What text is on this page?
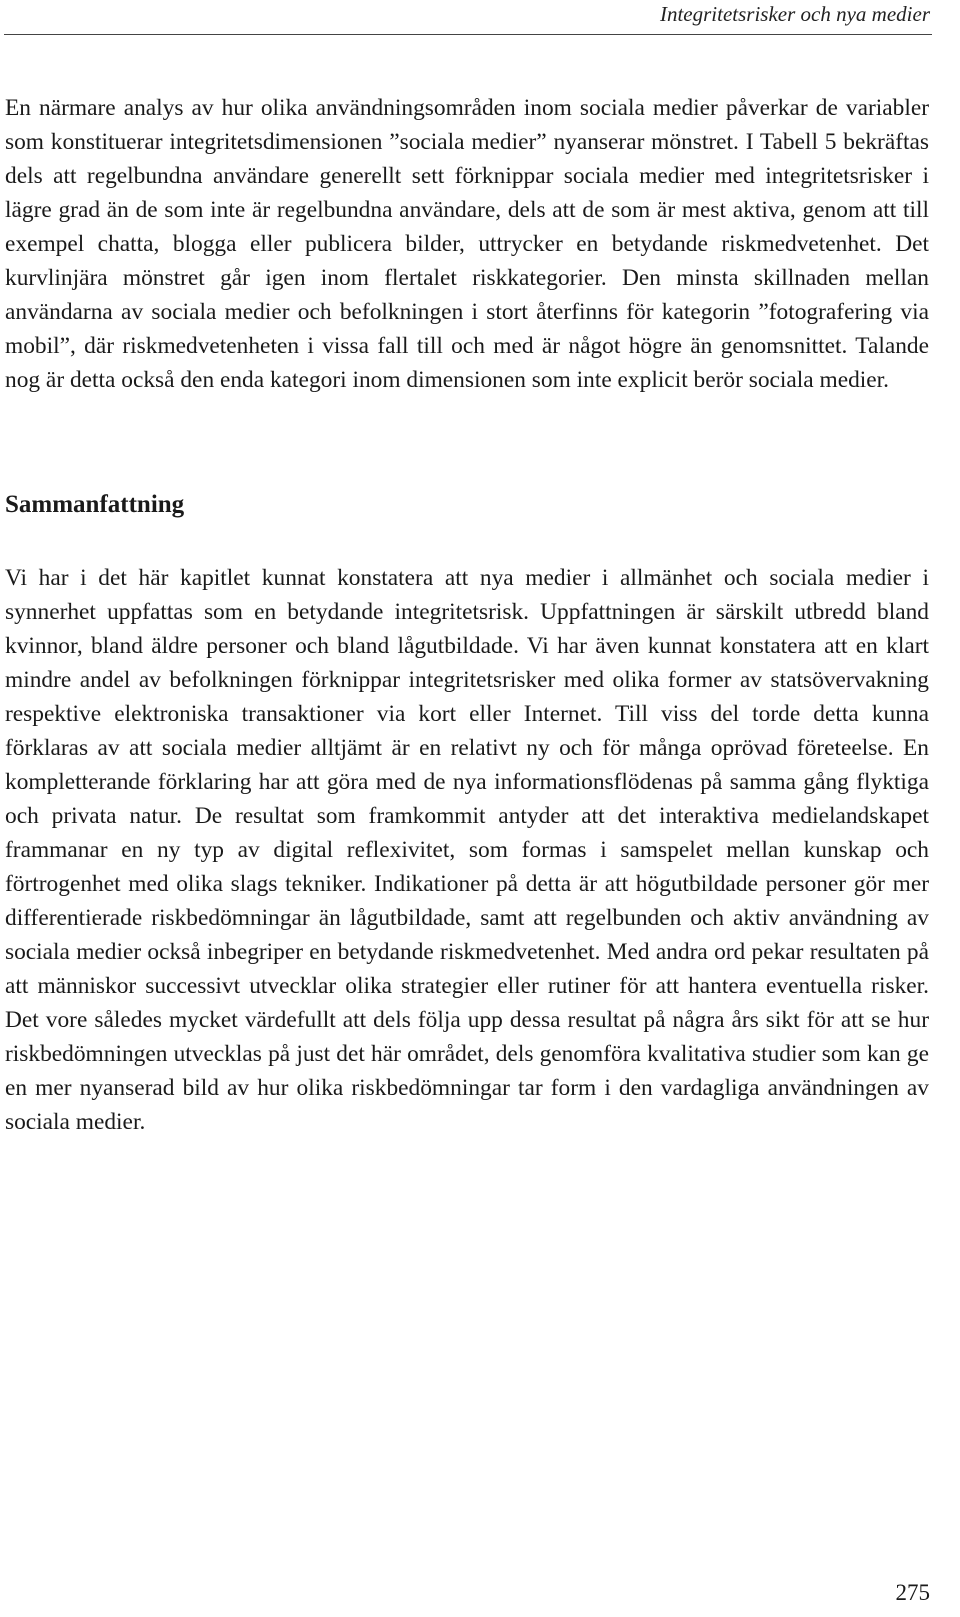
Integritetsrisker och nya medier

En närmare analys av hur olika användningsområden inom sociala medier påverkar de variabler som konstituerar integritetsdimensionen ”sociala medier” nyanserar mönstret. I Tabell 5 bekräftas dels att regelbundna användare generellt sett förknippar sociala medier med integritetsrisker i lägre grad än de som inte är regelbundna användare, dels att de som är mest aktiva, genom att till exempel chatta, blogga eller publicera bilder, uttrycker en betydande riskmedvetenhet. Det kurvlinjära mönstret går igen inom flertalet riskkategorier. Den minsta skillnaden mellan användarna av sociala medier och befolkningen i stort återfinns för kategorin ”fotografering via mobil”, där riskmedvetenheten i vissa fall till och med är något högre än genomsnittet. Talande nog är detta också den enda kategori inom dimensionen som inte explicit berör sociala medier.

Sammanfattning

Vi har i det här kapitlet kunnat konstatera att nya medier i allmänhet och sociala medier i synnerhet uppfattas som en betydande integritetsrisk. Uppfattningen är särskilt utbredd bland kvinnor, bland äldre personer och bland lågutbildade. Vi har även kunnat konstatera att en klart mindre andel av befolkningen förknippar integritetsrisker med olika former av statsövervakning respektive elektroniska transaktioner via kort eller Internet. Till viss del torde detta kunna förklaras av att sociala medier alltjämt är en relativt ny och för många oprövad företeelse. En kompletterande förklaring har att göra med de nya informationsflödenas på samma gång flyktiga och privata natur. De resultat som framkommit antyder att det interaktiva medielandskapet frammanar en ny typ av digital reflexivitet, som formas i samspelet mellan kunskap och förtrogenhet med olika slags tekniker. Indikationer på detta är att högutbildade personer gör mer differentierade riskbedömningar än lågutbildade, samt att regelbunden och aktiv användning av sociala medier också inbegriper en betydande riskmedvetenhet. Med andra ord pekar resultaten på att människor successivt utvecklar olika strategier eller rutiner för att hantera eventuella risker. Det vore således mycket värdefullt att dels följa upp dessa resultat på några års sikt för att se hur riskbedömningen utvecklas på just det här området, dels genomföra kvalitativa studier som kan ge en mer nyanserad bild av hur olika riskbedömningar tar form i den vardagliga användningen av sociala medier.

275
